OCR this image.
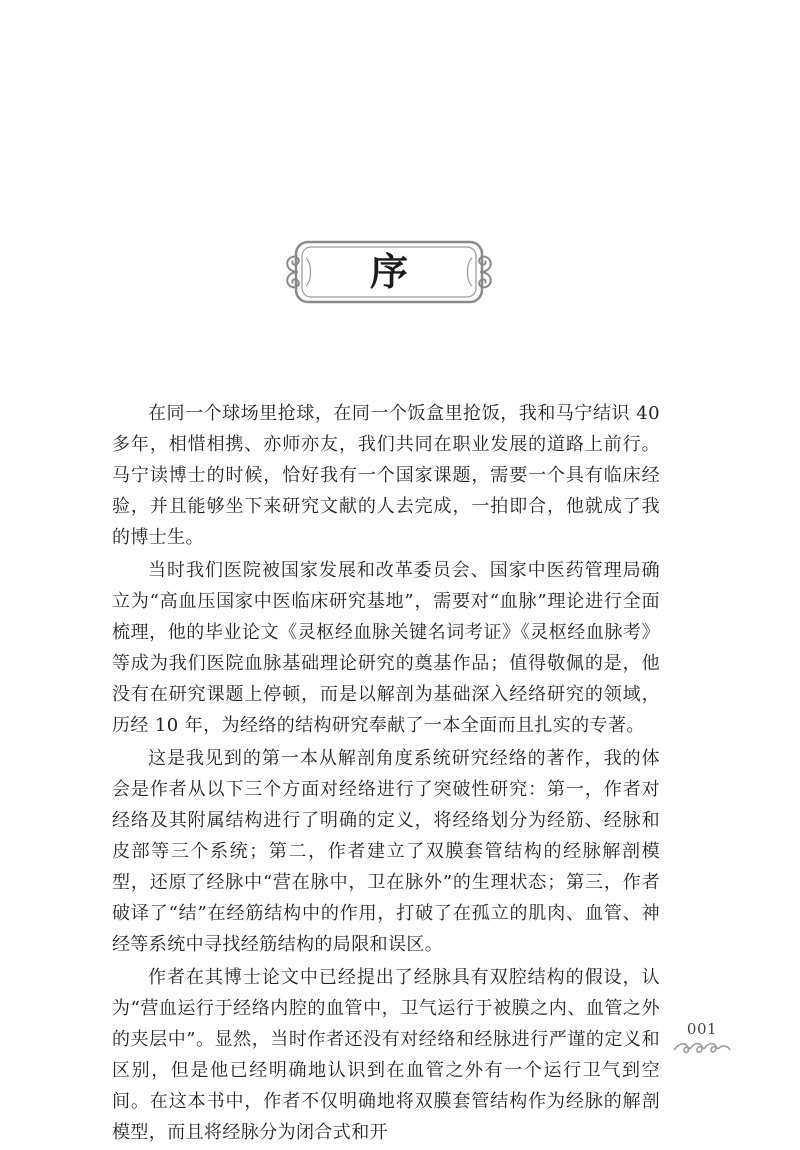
序

在同一个球场里抢球，在同一个饭盒里抢饭，我和马宁结识 40 多年，相惜相携、亦师亦友，我们共同在职业发展的道路上前行。马宁读博士的时候，恰好我有一个国家课题，需要一个具有临床经验，并且能够坐下来研究文献的人去完成，一拍即合，他就成了我的博士生。

当时我们医院被国家发展和改革委员会、国家中医药管理局确立为“高血压国家中医临床研究基地”，需要对“血脉”理论进行全面梳理，他的毕业论文《灵枢经血脉关键名词考证》《灵枢经血脉考》等成为我们医院血脉基础理论研究的奠基作品；值得敬佩的是，他没有在研究课题上停顿，而是以解剖为基础深入经络研究的领域，历经 10 年，为经络的结构研究奉献了一本全面而且扎实的专著。

这是我见到的第一本从解剖角度系统研究经络的著作，我的体会是作者从以下三个方面对经络进行了突破性研究：第一，作者对经络及其附属结构进行了明确的定义，将经络划分为经筋、经脉和皮部等三个系统；第二，作者建立了双膜套管结构的经脉解剖模型，还原了经脉中“营在脉中，卫在脉外”的生理状态；第三，作者破译了“结”在经筋结构中的作用，打破了在孤立的肌肉、血管、神经等系统中寻找经筋结构的局限和误区。

作者在其博士论文中已经提出了经脉具有双腔结构的假设，认为“营血运行于经络内腔的血管中，卫气运行于被膜之内、血管之外的夹层中”。显然，当时作者还没有对经络和经脉进行严谨的定义和区别，但是他已经明确地认识到在血管之外有一个运行卫气到空间。在这本书中，作者不仅明确地将双膜套管结构作为经脉的解剖模型，而且将经脉分为闭合式和开

001
